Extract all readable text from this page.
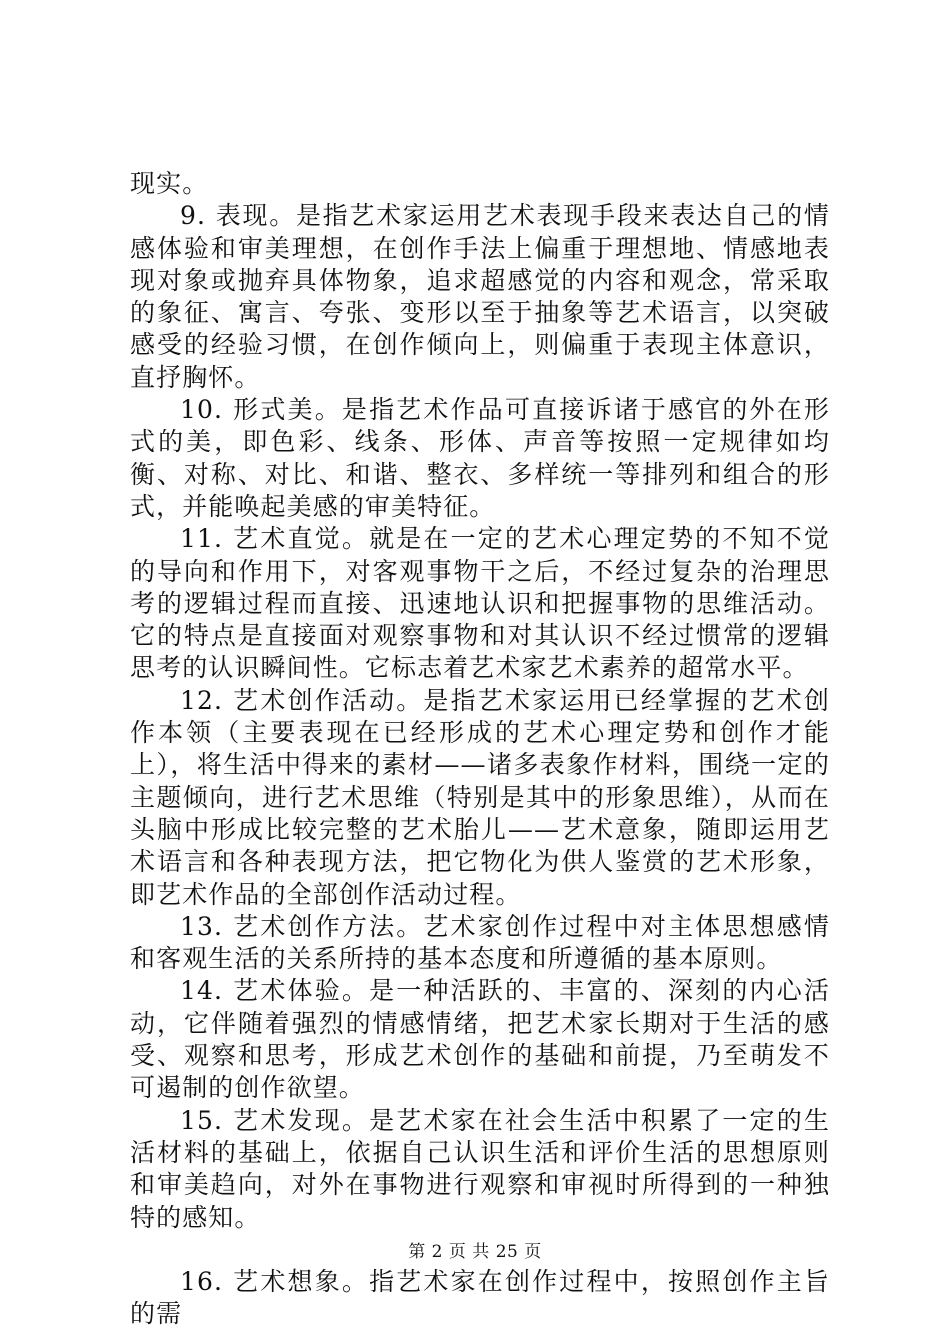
现实。

9. 表现。是指艺术家运用艺术表现手段来表达自己的情感体验和审美理想，在创作手法上偏重于理想地、情感地表现对象或抛弃具体物象，追求超感觉的内容和观念，常采取的象征、寓言、夸张、变形以至于抽象等艺术语言，以突破感受的经验习惯，在创作倾向上，则偏重于表现主体意识，直抒胸怀。

10. 形式美。是指艺术作品可直接诉诸于感官的外在形式的美，即色彩、线条、形体、声音等按照一定规律如均衡、对称、对比、和谐、整衣、多样统一等排列和组合的形式，并能唤起美感的审美特征。

11. 艺术直觉。就是在一定的艺术心理定势的不知不觉的导向和作用下，对客观事物干之后，不经过复杂的治理思考的逻辑过程而直接、迅速地认识和把握事物的思维活动。它的特点是直接面对观察事物和对其认识不经过惯常的逻辑思考的认识瞬间性。它标志着艺术家艺术素养的超常水平。

12. 艺术创作活动。是指艺术家运用已经掌握的艺术创作本领（主要表现在已经形成的艺术心理定势和创作才能上），将生活中得来的素材——诸多表象作材料，围绕一定的主题倾向，进行艺术思维（特别是其中的形象思维），从而在头脑中形成比较完整的艺术胎儿——艺术意象，随即运用艺术语言和各种表现方法，把它物化为供人鉴赏的艺术形象，即艺术作品的全部创作活动过程。

13. 艺术创作方法。艺术家创作过程中对主体思想感情和客观生活的关系所持的基本态度和所遵循的基本原则。

14. 艺术体验。是一种活跃的、丰富的、深刻的内心活动，它伴随着强烈的情感情绪，把艺术家长期对于生活的感受、观察和思考，形成艺术创作的基础和前提，乃至萌发不可遏制的创作欲望。

15. 艺术发现。是艺术家在社会生活中积累了一定的生活材料的基础上，依据自己认识生活和评价生活的思想原则和审美趋向，对外在事物进行观察和审视时所得到的一种独特的感知。

16. 艺术想象。指艺术家在创作过程中，按照创作主旨的需

第 2 页 共 25 页
